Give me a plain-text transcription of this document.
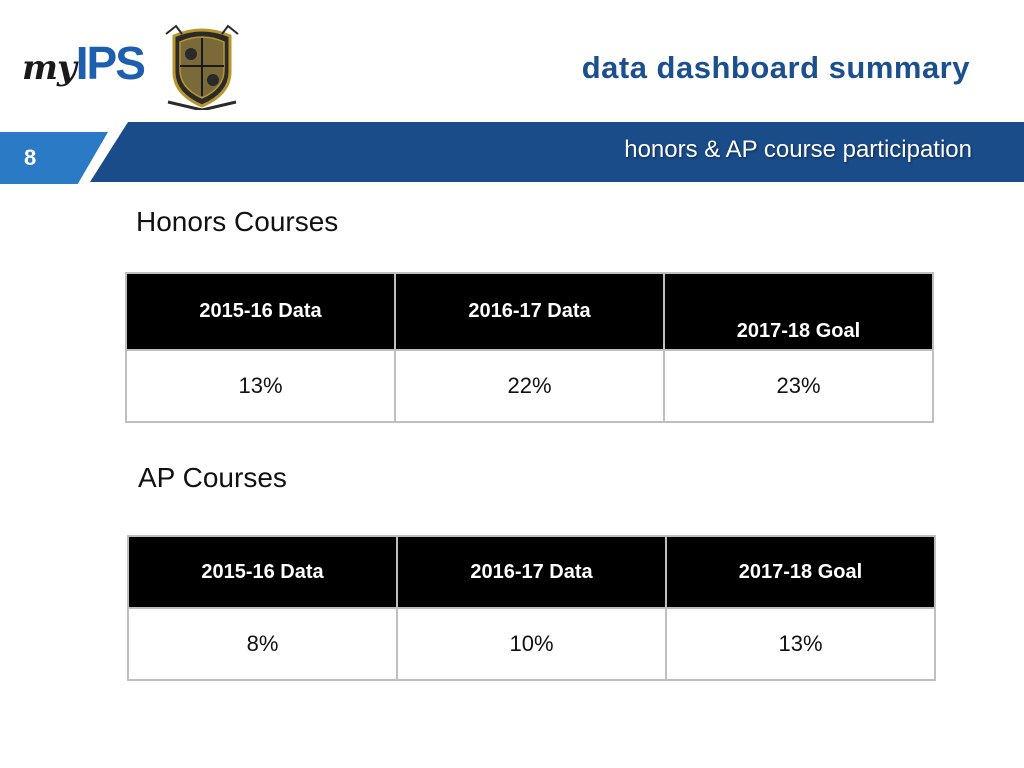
myIPS	data dashboard summary
honors & AP course participation
8
Honors Courses
2015-16 Data	2016-17 Data	2017-18 Goal
13%	22%	23%
AP Courses
2015-16 Data	2016-17 Data	2017-18 Goal
8%	10%	13%
